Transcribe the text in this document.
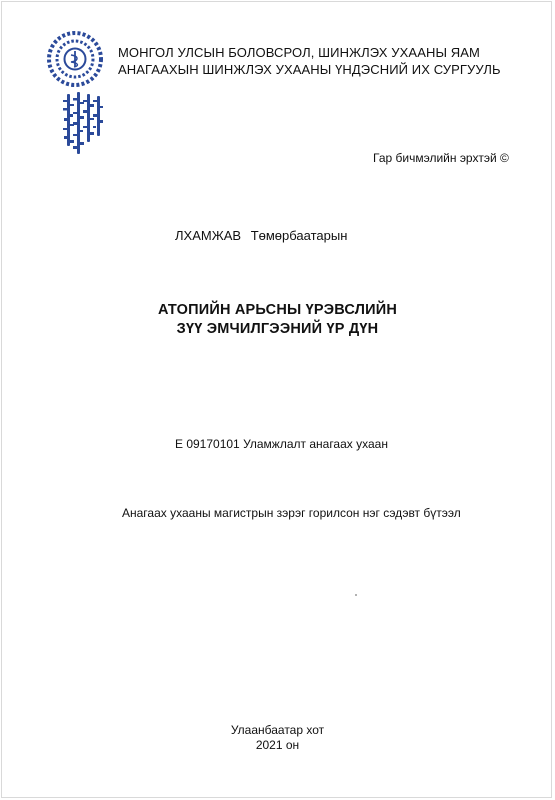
МОНГОЛ УЛСЫН БОЛОВСРОЛ, ШИНЖЛЭХ УХААНЫ ЯАМ
АНАГААХЫН ШИНЖЛЭХ УХААНЫ ҮНДЭСНИЙ ИХ СУРГУУЛЬ
Гар бичмэлийн эрхтэй ©
ЛХАМЖАВ Төмөрбаатарын
АТОПИЙН АРЬСНЫ ҮРЭВСЛИЙН
ЗҮҮ ЭМЧИЛГЭЭНИЙ ҮР ДҮН
Е 09170101 Уламжлалт анагаах ухаан
Анагаах ухааны магистрын зэрэг горилсон нэг сэдэвт бүтээл
Улаанбаатар хот
2021 он
